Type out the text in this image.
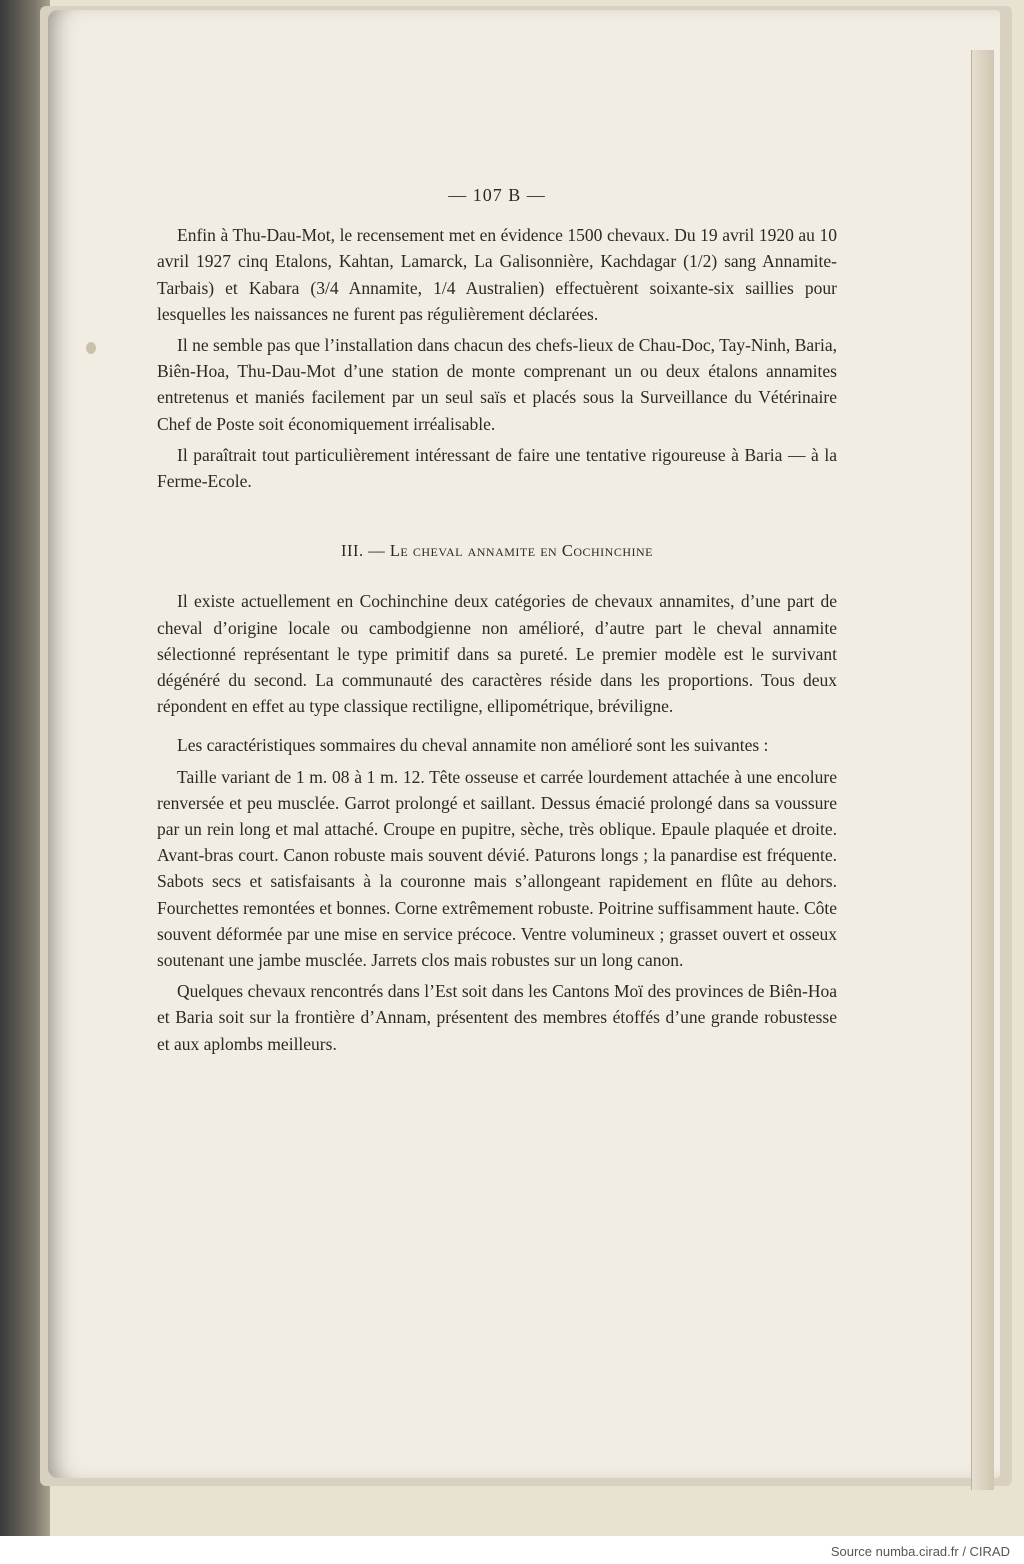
— 107 B —

Enfin à Thu-Dau-Mot, le recensement met en évidence 1500 chevaux. Du 19 avril 1920 au 10 avril 1927 cinq Etalons, Kahtan, Lamarck, La Galisonnière, Kachdagar (1/2) sang Annamite-Tarbais) et Kabara (3/4 Annamite, 1/4 Australien) effectuèrent soixante-six saillies pour lesquelles les naissances ne furent pas régulièrement déclarées.

Il ne semble pas que l’installation dans chacun des chefs-lieux de Chau-Doc, Tay-Ninh, Baria, Biên-Hoa, Thu-Dau-Mot d’une station de monte comprenant un ou deux étalons annamites entretenus et maniés facilement par un seul saïs et placés sous la Surveillance du Vétérinaire Chef de Poste soit économiquement irréalisable.

Il paraîtrait tout particulièrement intéressant de faire une tentative rigoureuse à Baria — à la Ferme-Ecole.

III. — Le cheval annamite en Cochinchine

Il existe actuellement en Cochinchine deux catégories de chevaux annamites, d’une part de cheval d’origine locale ou cambodgienne non amélioré, d’autre part le cheval annamite sélectionné représentant le type primitif dans sa pureté. Le premier modèle est le survivant dégénéré du second. La communauté des caractères réside dans les proportions. Tous deux répondent en effet au type classique rectiligne, ellipométrique, bréviligne.

Les caractéristiques sommaires du cheval annamite non amélioré sont les suivantes :

Taille variant de 1 m. 08 à 1 m. 12. Tête osseuse et carrée lourdement attachée à une encolure renversée et peu musclée. Garrot prolongé et saillant. Dessus émacié prolongé dans sa voussure par un rein long et mal attaché. Croupe en pupitre, sèche, très oblique. Epaule plaquée et droite. Avant-bras court. Canon robuste mais souvent dévié. Paturons longs ; la panardise est fréquente. Sabots secs et satisfaisants à la couronne mais s’allongeant rapidement en flûte au dehors. Fourchettes remontées et bonnes. Corne extrêmement robuste. Poitrine suffisamment haute. Côte souvent déformée par une mise en service précoce. Ventre volumineux ; grasset ouvert et osseux soutenant une jambe musclée. Jarrets clos mais robustes sur un long canon.

Quelques chevaux rencontrés dans l’Est soit dans les Cantons Moï des provinces de Biên-Hoa et Baria soit sur la frontière d’Annam, présentent des membres étoffés d’une grande robustesse et aux aplombs meilleurs.

Source numba.cirad.fr / CIRAD
